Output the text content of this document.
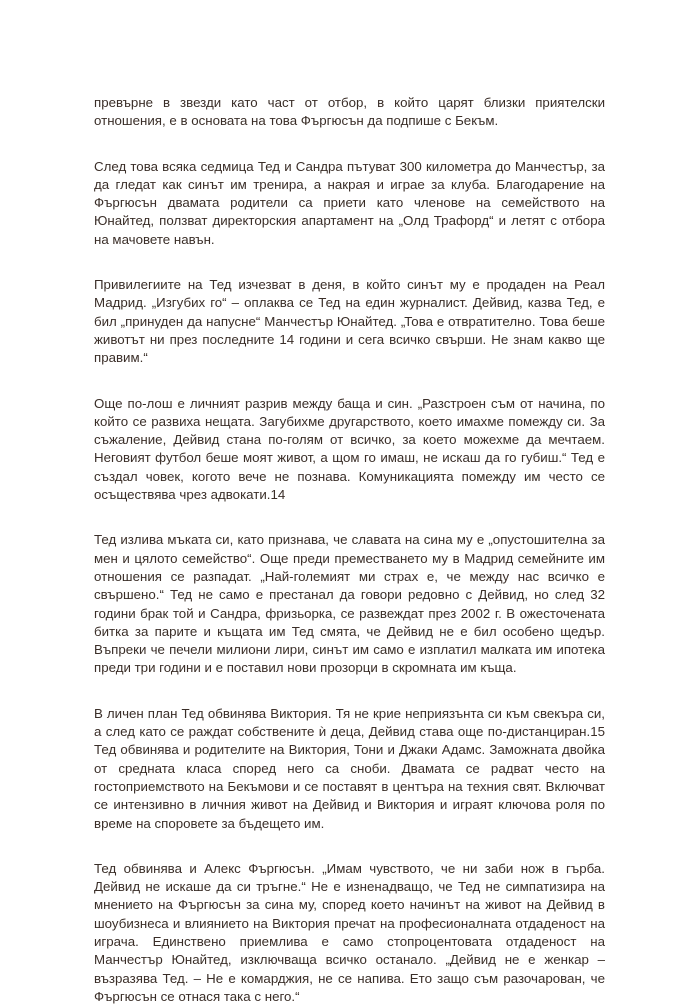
превърне в звезди като част от отбор, в който царят близки приятелски отношения, е в основата на това Фъргюсън да подпише с Бекъм.

След това всяка седмица Тед и Сандра пътуват 300 километра до Манчестър, за да гледат как синът им тренира, а накрая и играе за клуба. Благодарение на Фъргюсън двамата родители са приети като членове на семейството на Юнайтед, ползват директорския апартамент на „Олд Трафорд“ и летят с отбора на мачовете навън.

Привилегиите на Тед изчезват в деня, в който синът му е продаден на Реал Мадрид. „Изгубих го“ – оплаква се Тед на един журналист. Дейвид, казва Тед, е бил „принуден да напусне“ Манчестър Юнайтед. „Това е отвратително. Това беше животът ни през последните 14 години и сега всичко свърши. Не знам какво ще правим.“

Още по-лош е личният разрив между баща и син. „Разстроен съм от начина, по който се развиха нещата. Загубихме другарството, което имахме помежду си. За съжаление, Дейвид стана по-голям от всичко, за което можехме да мечтаем. Неговият футбол беше моят живот, а щом го имаш, не искаш да го губиш.“ Тед е създал човек, когото вече не познава. Комуникацията помежду им често се осъществява чрез адвокати.14

Тед излива мъката си, като признава, че славата на сина му е „опустошителна за мен и цялото семейство“. Още преди преместването му в Мадрид семейните им отношения се разпадат. „Най-големият ми страх е, че между нас всичко е свършено.“ Тед не само е престанал да говори редовно с Дейвид, но след 32 години брак той и Сандра, фризьорка, се развеждат през 2002 г. В ожесточената битка за парите и къщата им Тед смята, че Дейвид не е бил особено щедър. Въпреки че печели милиони лири, синът им само е изплатил малката им ипотека преди три години и е поставил нови прозорци в скромната им къща.

В личен план Тед обвинява Виктория. Тя не крие неприязънта си към свекъра си, а след като се раждат собствените ѝ деца, Дейвид става още по-дистанциран.15 Тед обвинява и родителите на Виктория, Тони и Джаки Адамс. Заможната двойка от средната класа според него са сноби. Двамата се радват често на гостоприемството на Бекъмови и се поставят в центъра на техния свят. Включват се интензивно в личния живот на Дейвид и Виктория и играят ключова роля по време на споровете за бъдещето им.

Тед обвинява и Алекс Фъргюсън. „Имам чувството, че ни заби нож в гърба. Дейвид не искаше да си тръгне.“ Не е изненадващо, че Тед не симпатизира на мнението на Фъргюсън за сина му, според което начинът на живот на Дейвид в шоубизнеса и влиянието на Виктория пречат на професионалната отдаденост на играча. Единствено приемлива е само стопроцентовата отдаденост на Манчестър Юнайтед, изключваща всичко останало. „Дейвид не е женкар – възразява Тед. – Не е комарджия, не се напива. Ето защо съм разочарован, че Фъргюсън се отнася така с него.“
